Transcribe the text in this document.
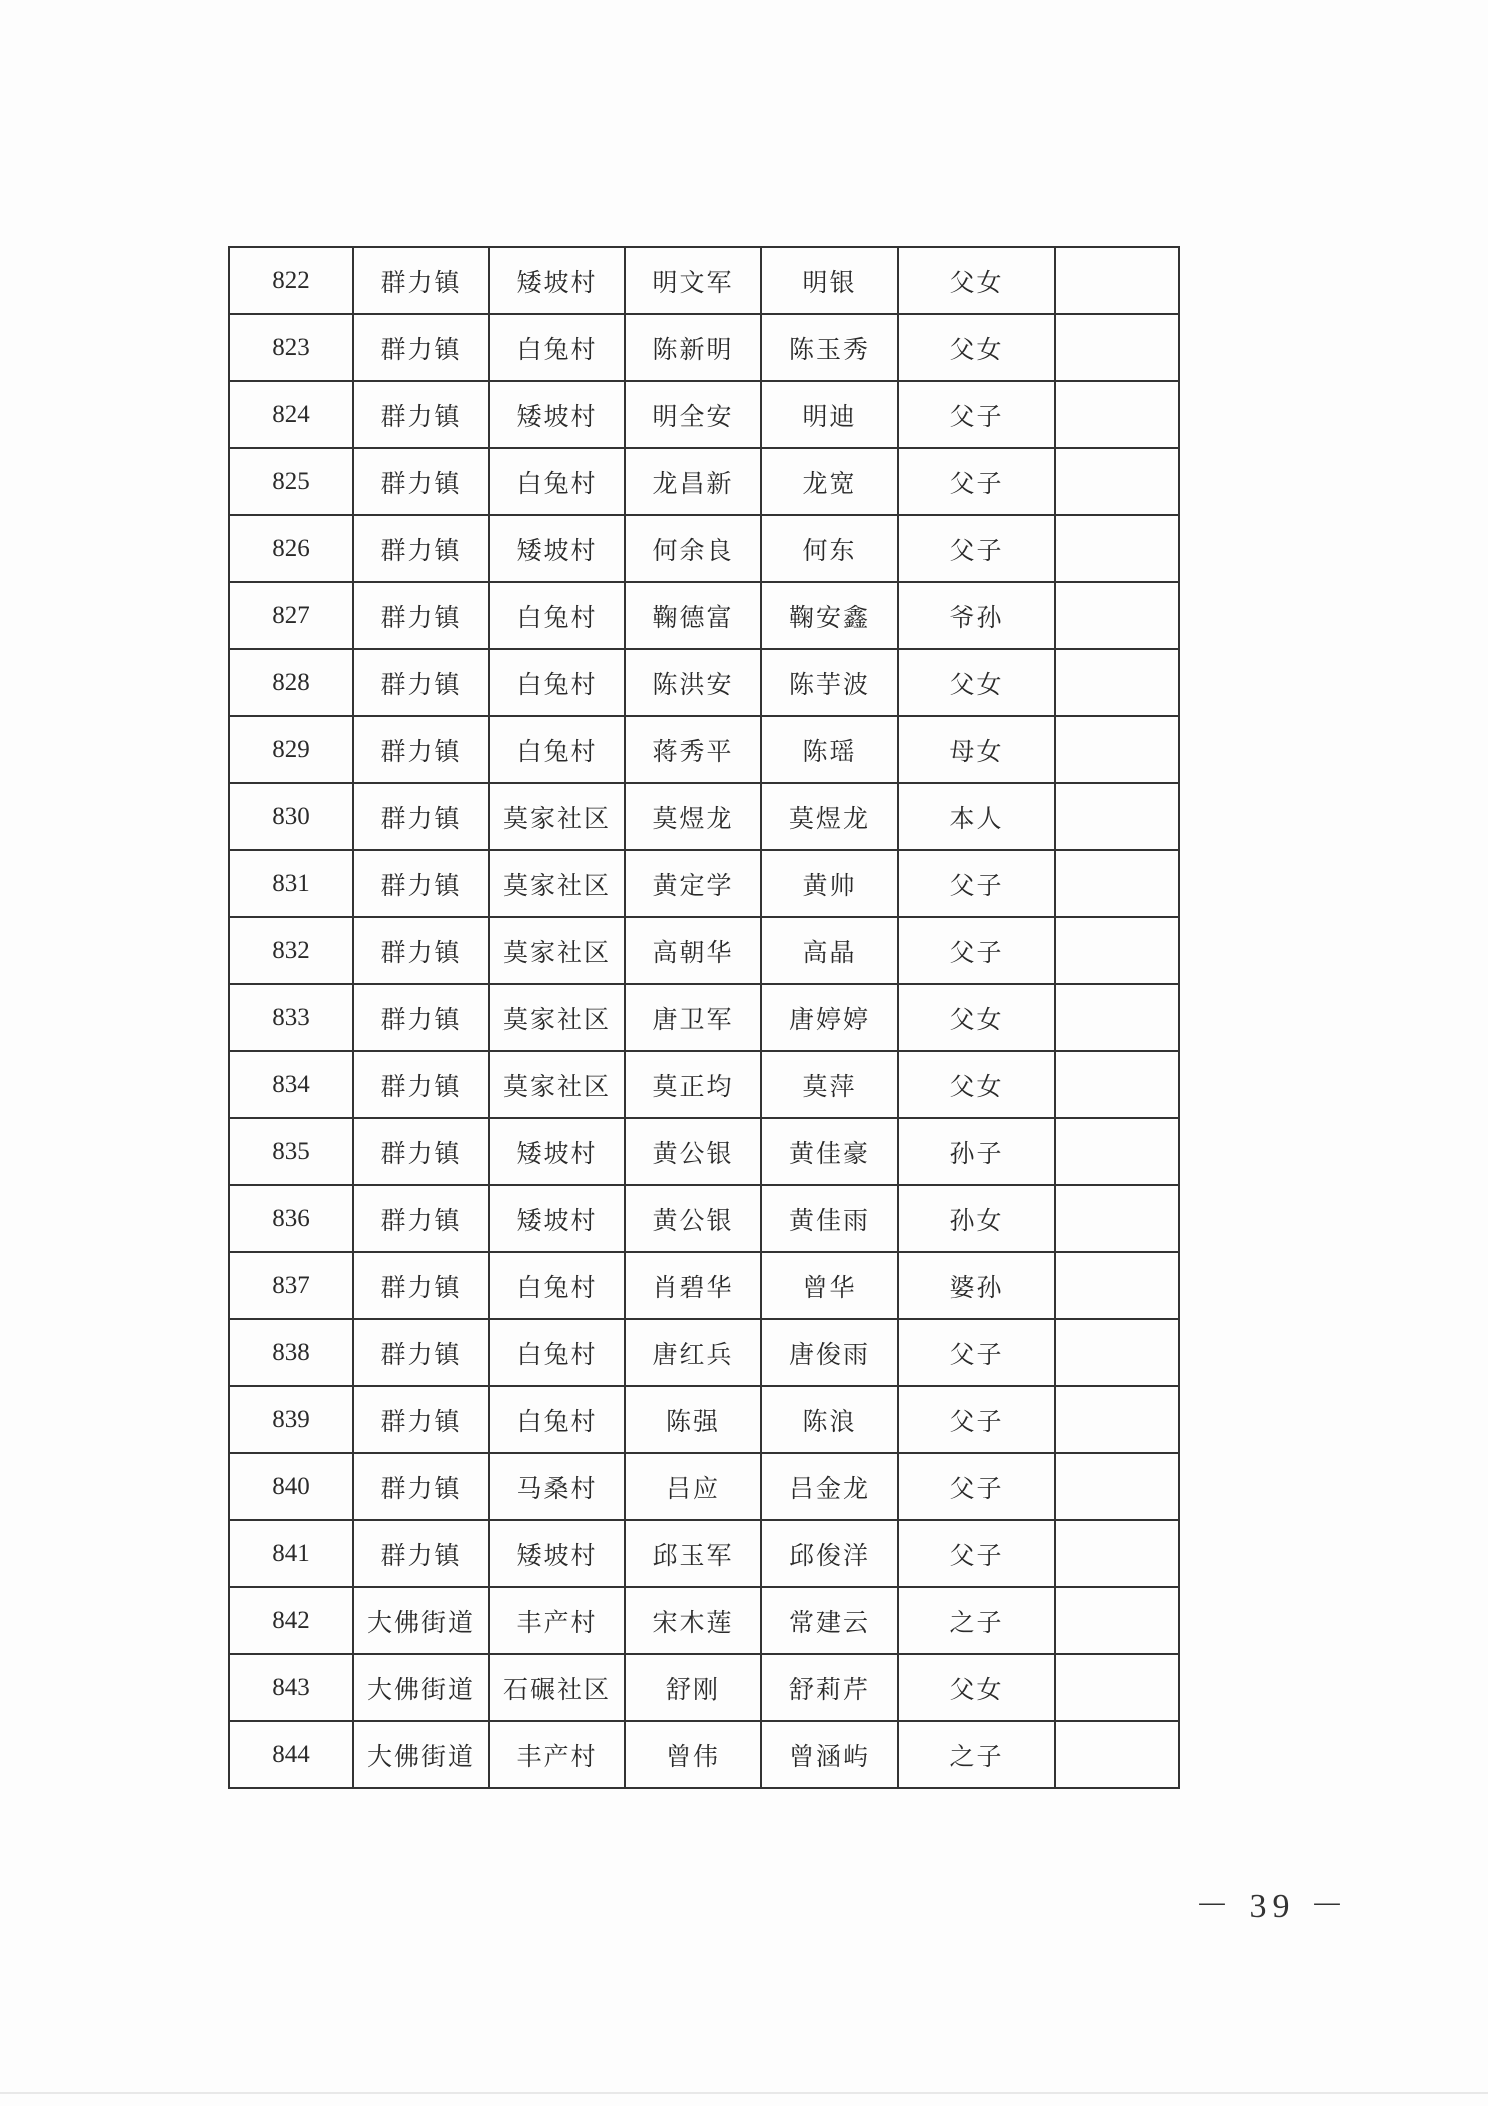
822	群力镇	矮坡村	明文军	明银	父女	
823	群力镇	白兔村	陈新明	陈玉秀	父女	
824	群力镇	矮坡村	明全安	明迪	父子	
825	群力镇	白兔村	龙昌新	龙宽	父子	
826	群力镇	矮坡村	何余良	何东	父子	
827	群力镇	白兔村	鞠德富	鞠安鑫	爷孙	
828	群力镇	白兔村	陈洪安	陈芋波	父女	
829	群力镇	白兔村	蒋秀平	陈瑶	母女	
830	群力镇	莫家社区	莫煜龙	莫煜龙	本人	
831	群力镇	莫家社区	黄定学	黄帅	父子	
832	群力镇	莫家社区	高朝华	高晶	父子	
833	群力镇	莫家社区	唐卫军	唐婷婷	父女	
834	群力镇	莫家社区	莫正均	莫萍	父女	
835	群力镇	矮坡村	黄公银	黄佳豪	孙子	
836	群力镇	矮坡村	黄公银	黄佳雨	孙女	
837	群力镇	白兔村	肖碧华	曾华	婆孙	
838	群力镇	白兔村	唐红兵	唐俊雨	父子	
839	群力镇	白兔村	陈强	陈浪	父子	
840	群力镇	马桑村	吕应	吕金龙	父子	
841	群力镇	矮坡村	邱玉军	邱俊洋	父子	
842	大佛街道	丰产村	宋木莲	常建云	之子	
843	大佛街道	石碾社区	舒刚	舒莉芹	父女	
844	大佛街道	丰产村	曾伟	曾涵屿	之子	
－ 39 －
